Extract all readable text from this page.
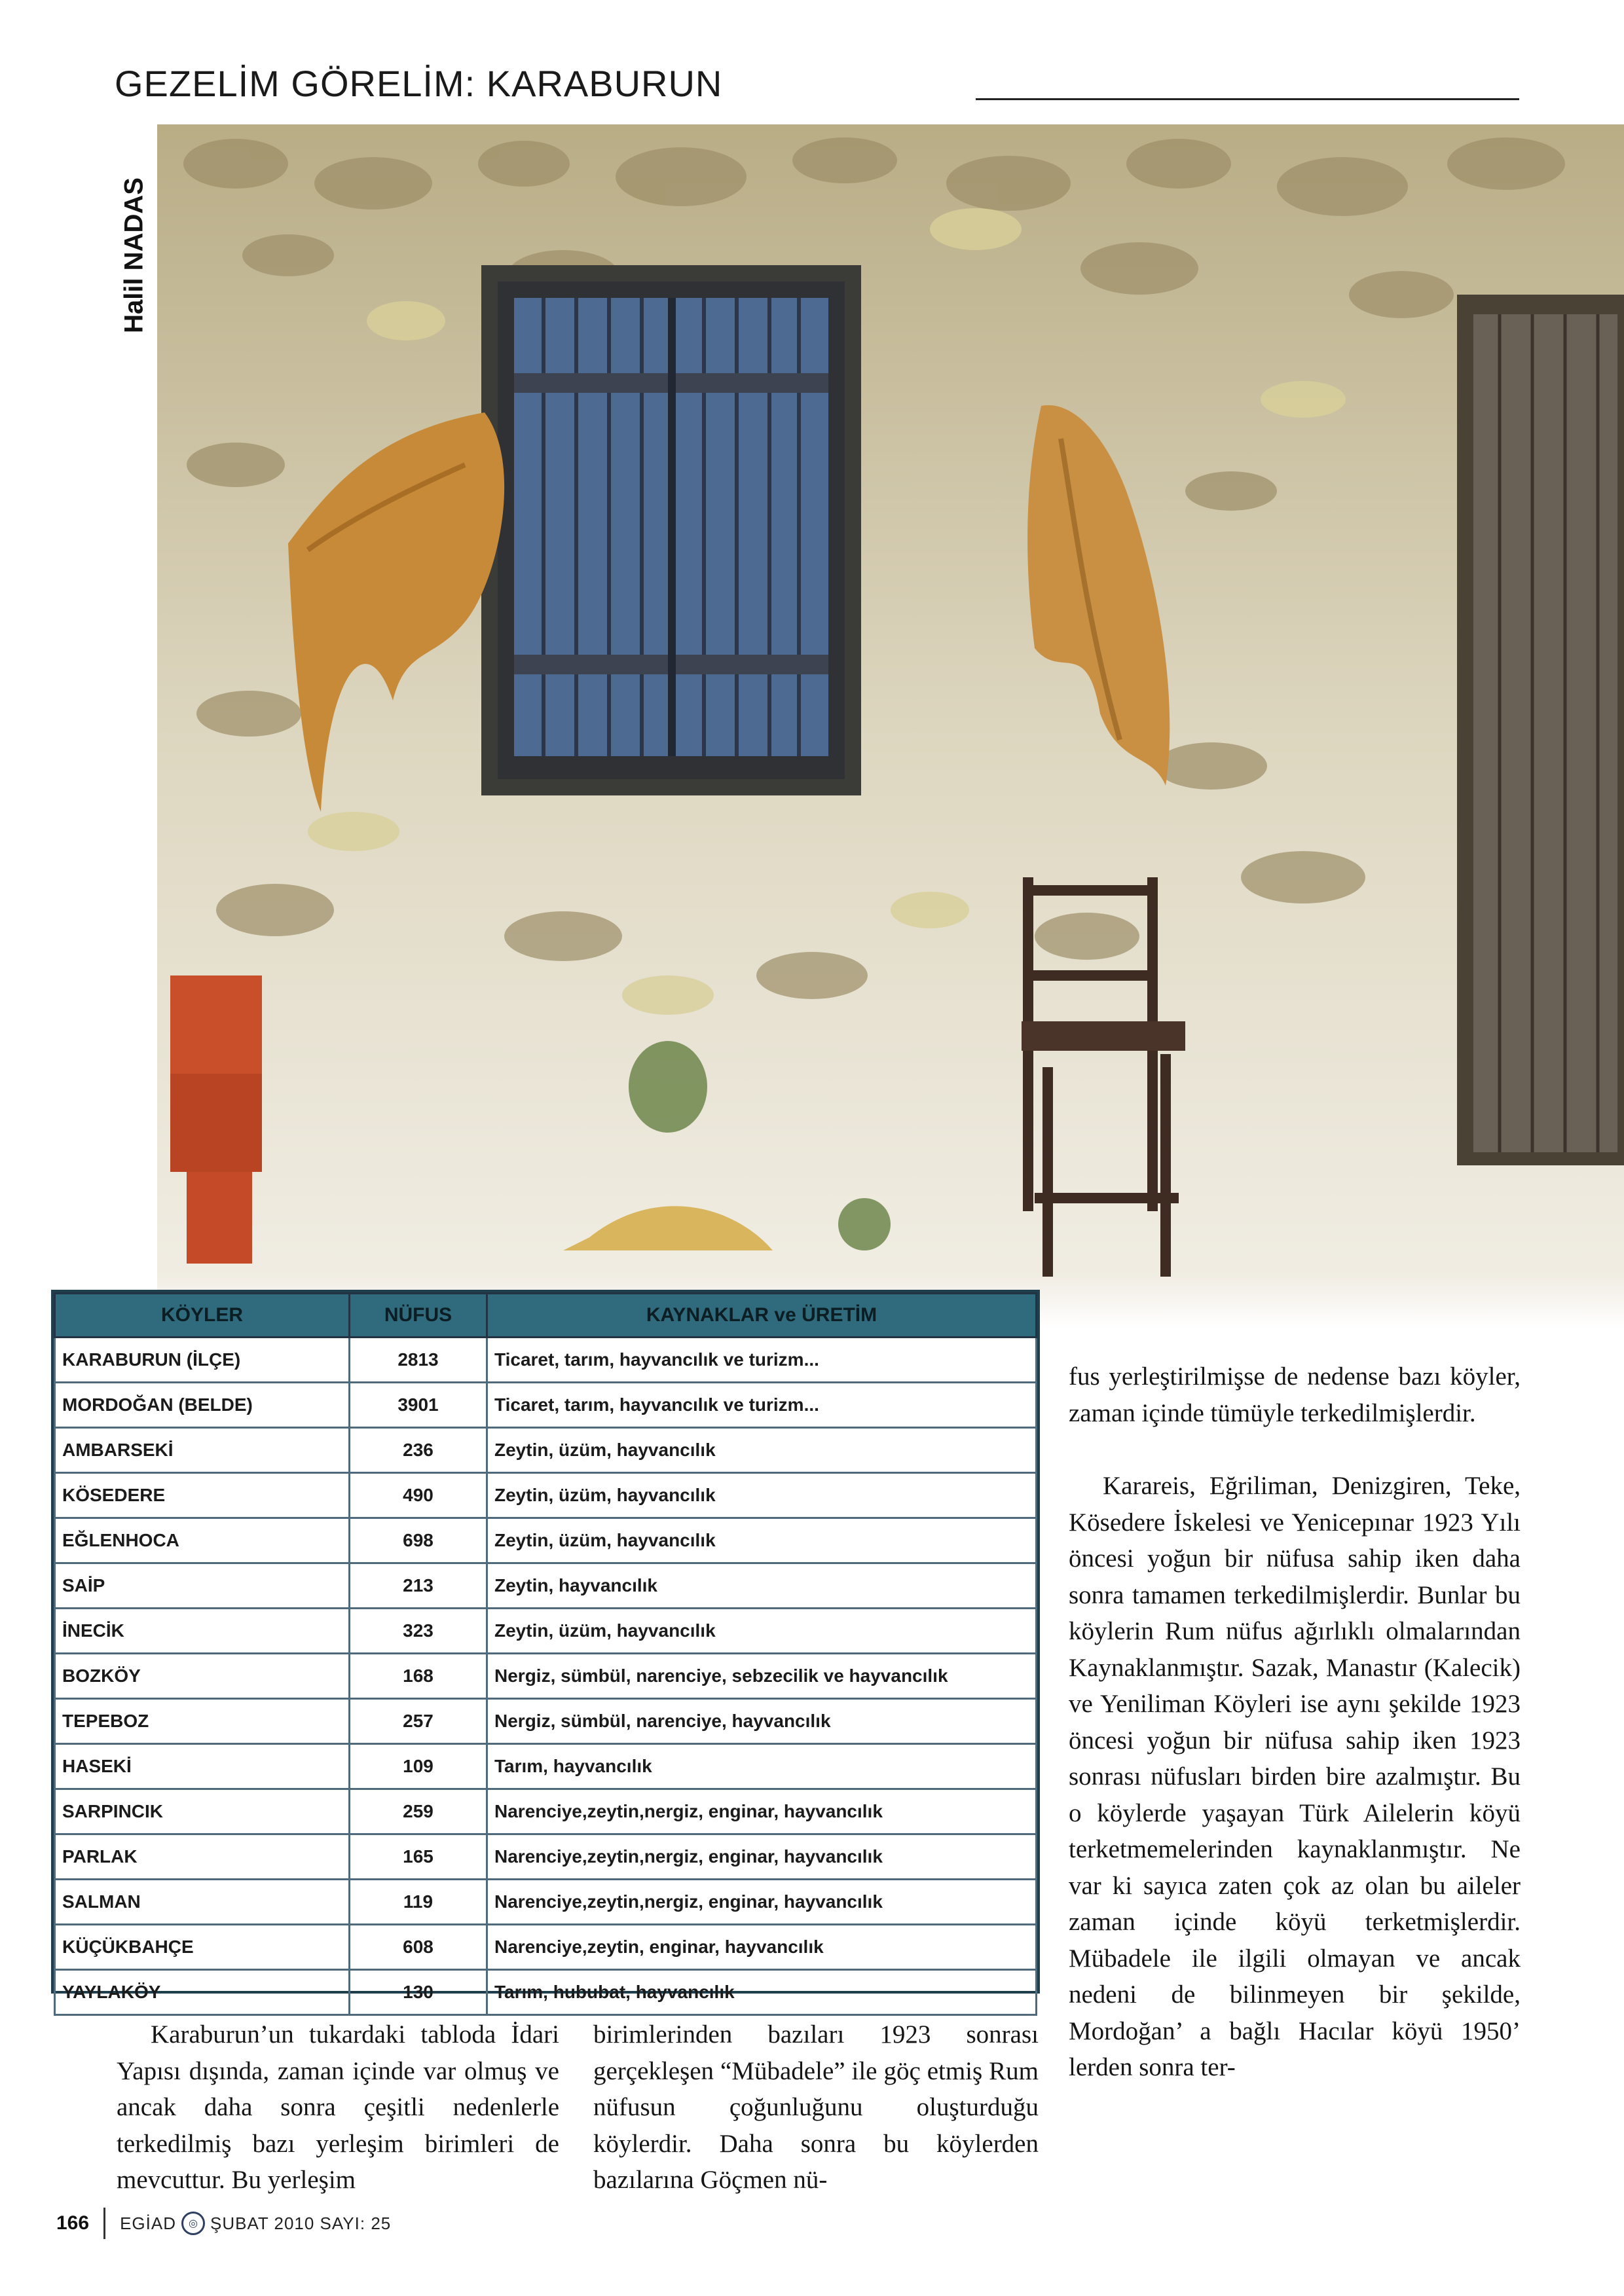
GEZELİM GÖRELİM: KARABURUN
Halil NADAS
KÖYLER	NÜFUS	KAYNAKLAR ve ÜRETİM
KARABURUN (İLÇE)	2813	Ticaret, tarım, hayvancılık ve turizm...
MORDOĞAN (BELDE)	3901	Ticaret, tarım, hayvancılık ve turizm...
AMBARSEKİ	236	Zeytin, üzüm, hayvancılık
KÖSEDERE	490	Zeytin, üzüm, hayvancılık
EĞLENHOCA	698	Zeytin, üzüm, hayvancılık
SAİP	213	Zeytin, hayvancılık
İNECİK	323	Zeytin, üzüm, hayvancılık
BOZKÖY	168	Nergiz, sümbül, narenciye, sebzecilik ve hayvancılık
TEPEBOZ	257	Nergiz, sümbül, narenciye, hayvancılık
HASEKİ	109	Tarım, hayvancılık
SARPINCIK	259	Narenciye,zeytin,nergiz, enginar, hayvancılık
PARLAK	165	Narenciye,zeytin,nergiz, enginar, hayvancılık
SALMAN	119	Narenciye,zeytin,nergiz, enginar, hayvancılık
KÜÇÜKBAHÇE	608	Narenciye,zeytin, enginar, hayvancılık
YAYLAKÖY	130	Tarım, hububat, hayvancılık

Karaburun’un tukardaki tabloda İdari Yapısı dışında, zaman içinde var olmuş ve ancak daha sonra çeşitli nedenlerle terkedilmiş bazı yerleşim birimleri de mevcuttur. Bu yerleşim

birimlerinden bazıları 1923 sonrası gerçekleşen “Mübadele” ile göç etmiş Rum nüfusun çoğunluğunu oluşturduğu köylerdir. Daha sonra bu köylerden bazılarına Göçmen nü-

fus yerleştirilmişse de nedense bazı köyler, zaman içinde tümüyle terkedilmişlerdir.

Karareis, Eğriliman, Denizgiren, Teke, Kösedere İskelesi ve Yenicepınar 1923 Yılı öncesi yoğun bir nüfusa sahip iken daha sonra tamamen terkedilmişlerdir. Bunlar bu köylerin Rum nüfus ağırlıklı olmalarından Kaynaklanmıştır. Sazak, Manastır (Kalecik) ve Yeniliman Köyleri ise aynı şekilde 1923 öncesi yoğun bir nüfusa sahip iken 1923 sonrası nüfusları birden bire azalmıştır. Bu o köylerde yaşayan Türk Ailelerin köyü terketmemelerinden kaynaklanmıştır. Ne var ki sayıca zaten çok az olan bu aileler zaman içinde köyü terketmişlerdir. Mübadele ile ilgili olmayan ve ancak nedeni de bilinmeyen bir şekilde, Mordoğan’ a bağlı Hacılar köyü 1950’ lerden sonra ter-

166 EGİAD	◎ ŞUBAT 2010 SAYI: 25
